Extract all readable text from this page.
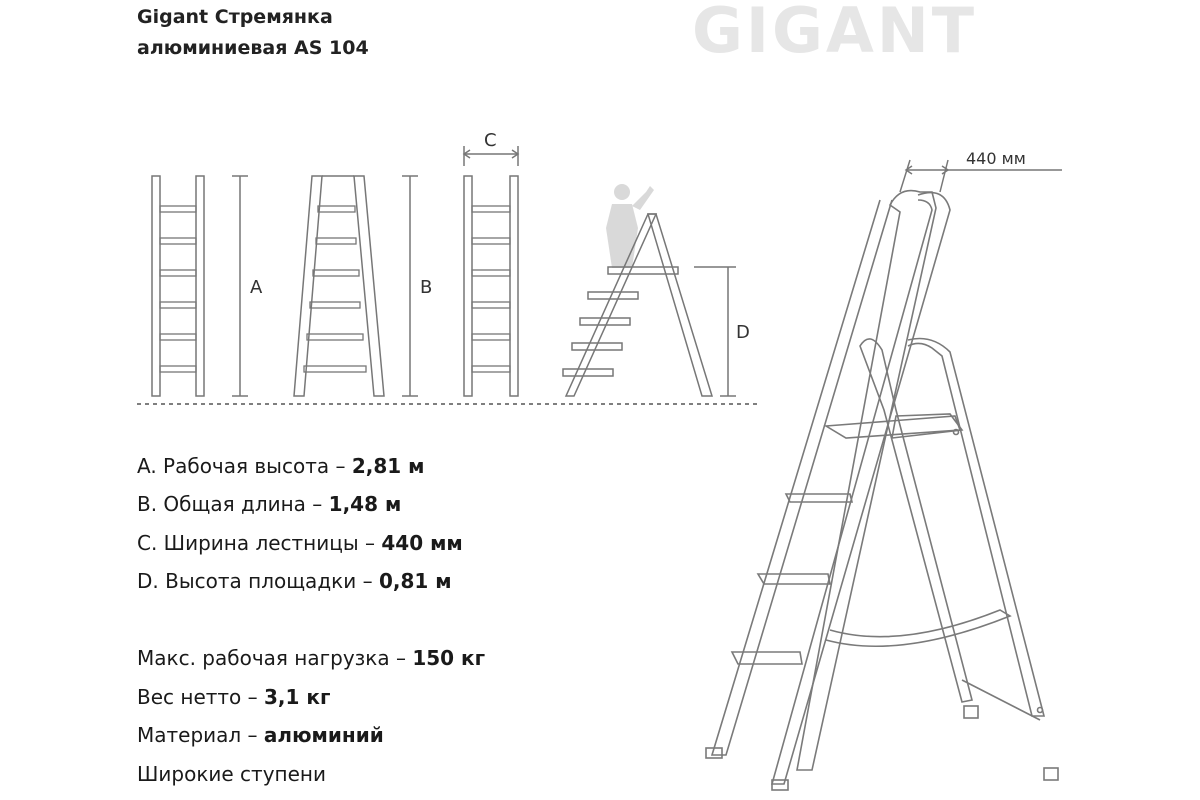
Gigant Стремянка
алюминиевая AS 104	GIGANT
A	B
C
D
440 мм
A. Рабочая высота – 2,81 м
B. Общая длина – 1,48 м
C. Ширина лестницы – 440 мм
D. Высота площадки – 0,81 м
Макс. рабочая нагрузка – 150 кг
Вес нетто – 3,1 кг
Материал – алюминий
Широкие ступени
